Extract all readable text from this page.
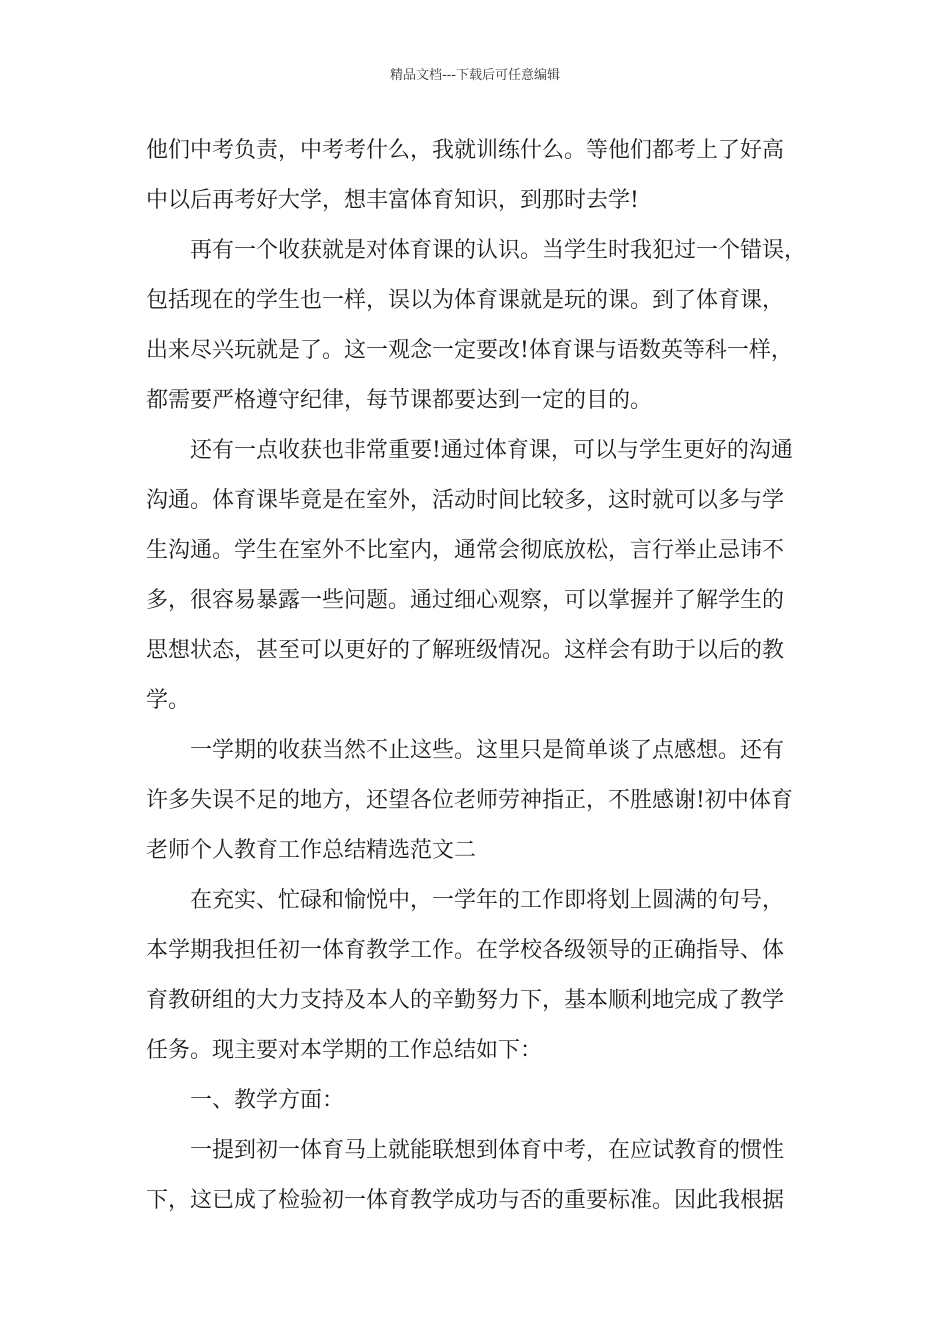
精品文档---下载后可任意编辑
他们中考负责，中考考什么，我就训练什么。等他们都考上了好高
中以后再考好大学，想丰富体育知识，到那时去学!
再有一个收获就是对体育课的认识。当学生时我犯过一个错误，
包括现在的学生也一样，误以为体育课就是玩的课。到了体育课，
出来尽兴玩就是了。这一观念一定要改!体育课与语数英等科一样，
都需要严格遵守纪律，每节课都要达到一定的目的。
还有一点收获也非常重要!通过体育课，可以与学生更好的沟通
沟通。体育课毕竟是在室外，活动时间比较多，这时就可以多与学
生沟通。学生在室外不比室内，通常会彻底放松，言行举止忌讳不
多，很容易暴露一些问题。通过细心观察，可以掌握并了解学生的
思想状态，甚至可以更好的了解班级情况。这样会有助于以后的教
学。
一学期的收获当然不止这些。这里只是简单谈了点感想。还有
许多失误不足的地方，还望各位老师劳神指正，不胜感谢!初中体育
老师个人教育工作总结精选范文二
在充实、忙碌和愉悦中，一学年的工作即将划上圆满的句号，
本学期我担任初一体育教学工作。在学校各级领导的正确指导、体
育教研组的大力支持及本人的辛勤努力下，基本顺利地完成了教学
任务。现主要对本学期的工作总结如下：
一、教学方面：
一提到初一体育马上就能联想到体育中考，在应试教育的惯性
下，这已成了检验初一体育教学成功与否的重要标准。因此我根据
